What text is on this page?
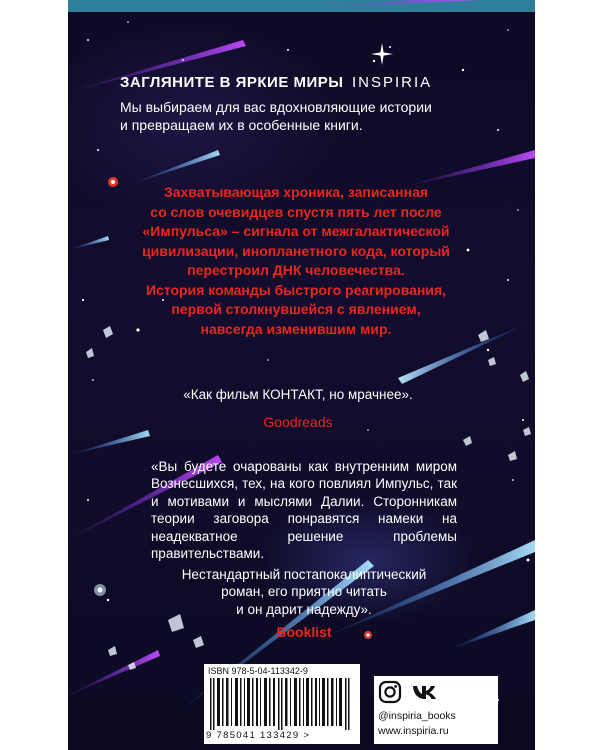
ЗАГЛЯНИТЕ В ЯРКИЕ МИРЫ INSPIRIA
Мы выбираем для вас вдохновляющие истории
и превращаем их в особенные книги.
Захватывающая хроника, записанная
со слов очевидцев спустя пять лет после
«Импульса» – сигнала от межгалактической
цивилизации, инопланетного кода, который
перестроил ДНК человечества.
История команды быстрого реагирования,
первой столкнувшейся с явлением,
навсегда изменившим мир.
«Как фильм КОНТАКТ, но мрачнее».
Goodreads
«Вы будете очарованы как внутренним миром Вознесшихся, тех, на кого повлиял Импульс, так и мотивами и мыслями Далии. Сторонникам теории заговора понравятся намеки на неадекватное решение проблемы правительствами.
Нестандартный постапокалиптический
роман, его приятно читать
и он дарит надежду».
Booklist
ISBN 978-5-04-113342-9
9 785041 133429 >

@inspiria_books
www.inspiria.ru
